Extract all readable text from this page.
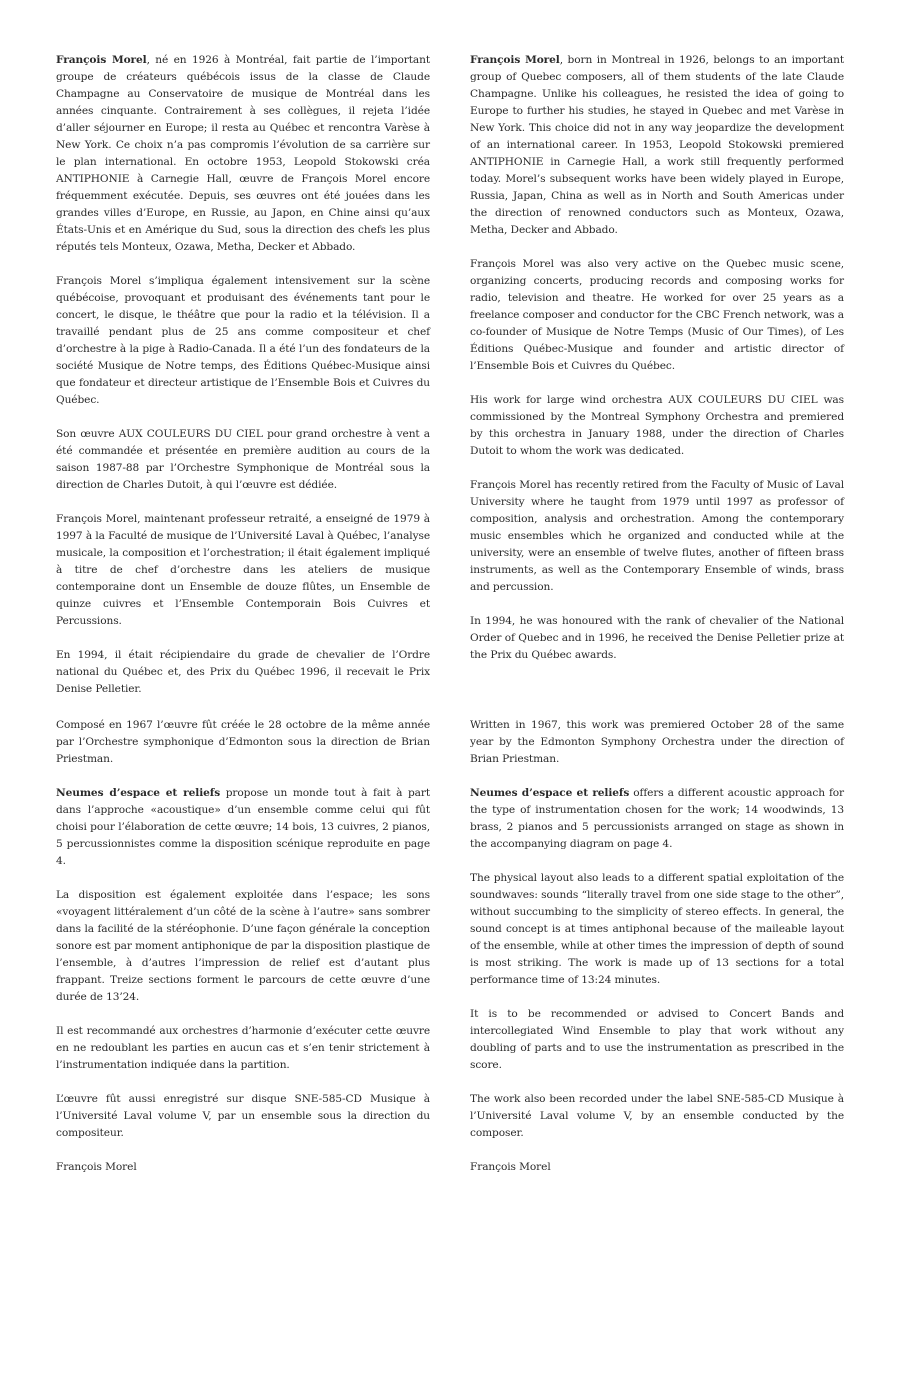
François Morel, né en 1926 à Montréal, fait partie de l’important groupe de créateurs québécois issus de la classe de Claude Champagne au Conservatoire de musique de Montréal dans les années cinquante. Contrairement à ses collègues, il rejeta l’idée d’aller séjourner en Europe; il resta au Québec et rencontra Varèse à New York. Ce choix n’a pas compromis l’évolution de sa carrière sur le plan international. En octobre 1953, Leopold Stokowski créa ANTIPHONIE à Carnegie Hall, œuvre de François Morel encore fréquemment exécutée. Depuis, ses œuvres ont été jouées dans les grandes villes d’Europe, en Russie, au Japon, en Chine ainsi qu’aux États-Unis et en Amérique du Sud, sous la direction des chefs les plus réputés tels Monteux, Ozawa, Metha, Decker et Abbado.

François Morel s’impliqua également intensivement sur la scène québécoise, provoquant et produisant des événements tant pour le concert, le disque, le théâtre que pour la radio et la télévision. Il a travaillé pendant plus de 25 ans comme compositeur et chef d’orchestre à la pige à Radio-Canada. Il a été l’un des fondateurs de la société Musique de Notre temps, des Éditions Québec-Musique ainsi que fondateur et directeur artistique de l’Ensemble Bois et Cuivres du Québec.

Son œuvre AUX COULEURS DU CIEL pour grand orchestre à vent a été commandée et présentée en première audition au cours de la saison 1987-88 par l’Orchestre Symphonique de Montréal sous la direction de Charles Dutoit, à qui l’œuvre est dédiée.

François Morel, maintenant professeur retraité, a enseigné de 1979 à 1997 à la Faculté de musique de l’Université Laval à Québec, l’analyse musicale, la composition et l’orchestration; il était également impliqué à titre de chef d’orchestre dans les ateliers de musique contemporaine dont un Ensemble de douze flûtes, un Ensemble de quinze cuivres et l’Ensemble Contemporain Bois Cuivres et Percussions.

En 1994, il était récipiendaire du grade de chevalier de l’Ordre national du Québec et, des Prix du Québec 1996, il recevait le Prix Denise Pelletier.

François Morel, born in Montreal in 1926, belongs to an important group of Quebec composers, all of them students of the late Claude Champagne. Unlike his colleagues, he resisted the idea of going to Europe to further his studies, he stayed in Quebec and met Varèse in New York. This choice did not in any way jeopardize the development of an international career. In 1953, Leopold Stokowski premiered ANTIPHONIE in Carnegie Hall, a work still frequently performed today. Morel’s subsequent works have been widely played in Europe, Russia, Japan, China as well as in North and South Americas under the direction of renowned conductors such as Monteux, Ozawa, Metha, Decker and Abbado.

François Morel was also very active on the Quebec music scene, organizing concerts, producing records and composing works for radio, television and theatre. He worked for over 25 years as a freelance composer and conductor for the CBC French network, was a co-founder of Musique de Notre Temps (Music of Our Times), of Les Éditions Québec-Musique and founder and artistic director of l’Ensemble Bois et Cuivres du Québec.

His work for large wind orchestra AUX COULEURS DU CIEL was commissioned by the Montreal Symphony Orchestra and premiered by this orchestra in January 1988, under the direction of Charles Dutoit to whom the work was dedicated.

François Morel has recently retired from the Faculty of Music of Laval University where he taught from 1979 until 1997 as professor of composition, analysis and orchestration. Among the contemporary music ensembles which he organized and conducted while at the university, were an ensemble of twelve flutes, another of fifteen brass instruments, as well as the Contemporary Ensemble of winds, brass and percussion.

In 1994, he was honoured with the rank of chevalier of the National Order of Quebec and in 1996, he received the Denise Pelletier prize at the Prix du Québec awards.

Composé en 1967 l’œuvre fût créée le 28 octobre de la même année par l’Orchestre symphonique d’Edmonton sous la direction de Brian Priestman.

Neumes d’espace et reliefs propose un monde tout à fait à part dans l’approche «acoustique» d’un ensemble comme celui qui fût choisi pour l’élaboration de cette œuvre; 14 bois, 13 cuivres, 2 pianos, 5 percussionnistes comme la disposition scénique reproduite en page 4.

La disposition est également exploitée dans l’espace; les sons «voyagent littéralement d’un côté de la scène à l’autre» sans sombrer dans la facilité de la stéréophonie. D’une façon générale la conception sonore est par moment antiphonique de par la disposition plastique de l’ensemble, à d’autres l’impression de relief est d’autant plus frappant. Treize sections forment le parcours de cette œuvre d’une durée de 13’24.

Il est recommandé aux orchestres d’harmonie d’exécuter cette œuvre en ne redoublant les parties en aucun cas et s’en tenir strictement à l’instrumentation indiquée dans la partition.

L’œuvre fût aussi enregistré sur disque SNE-585-CD Musique à l’Université Laval volume V, par un ensemble sous la direction du compositeur.

François Morel

Written in 1967, this work was premiered October 28 of the same year by the Edmonton Symphony Orchestra under the direction of Brian Priestman.

Neumes d’espace et reliefs offers a different acoustic approach for the type of instrumentation chosen for the work; 14 woodwinds, 13 brass, 2 pianos and 5 percussionists arranged on stage as shown in the accompanying diagram on page 4.

The physical layout also leads to a different spatial exploitation of the soundwaves: sounds “literally travel from one side stage to the other”, without succumbing to the simplicity of stereo effects. In general, the sound concept is at times antiphonal because of the maileable layout of the ensemble, while at other times the impression of depth of sound is most striking. The work is made up of 13 sections for a total performance time of 13:24 minutes.

It is to be recommended or advised to Concert Bands and intercollegiated Wind Ensemble to play that work without any doubling of parts and to use the instrumentation as prescribed in the score.

The work also been recorded under the label SNE-585-CD Musique à l’Université Laval volume V, by an ensemble conducted by the composer.

François Morel
